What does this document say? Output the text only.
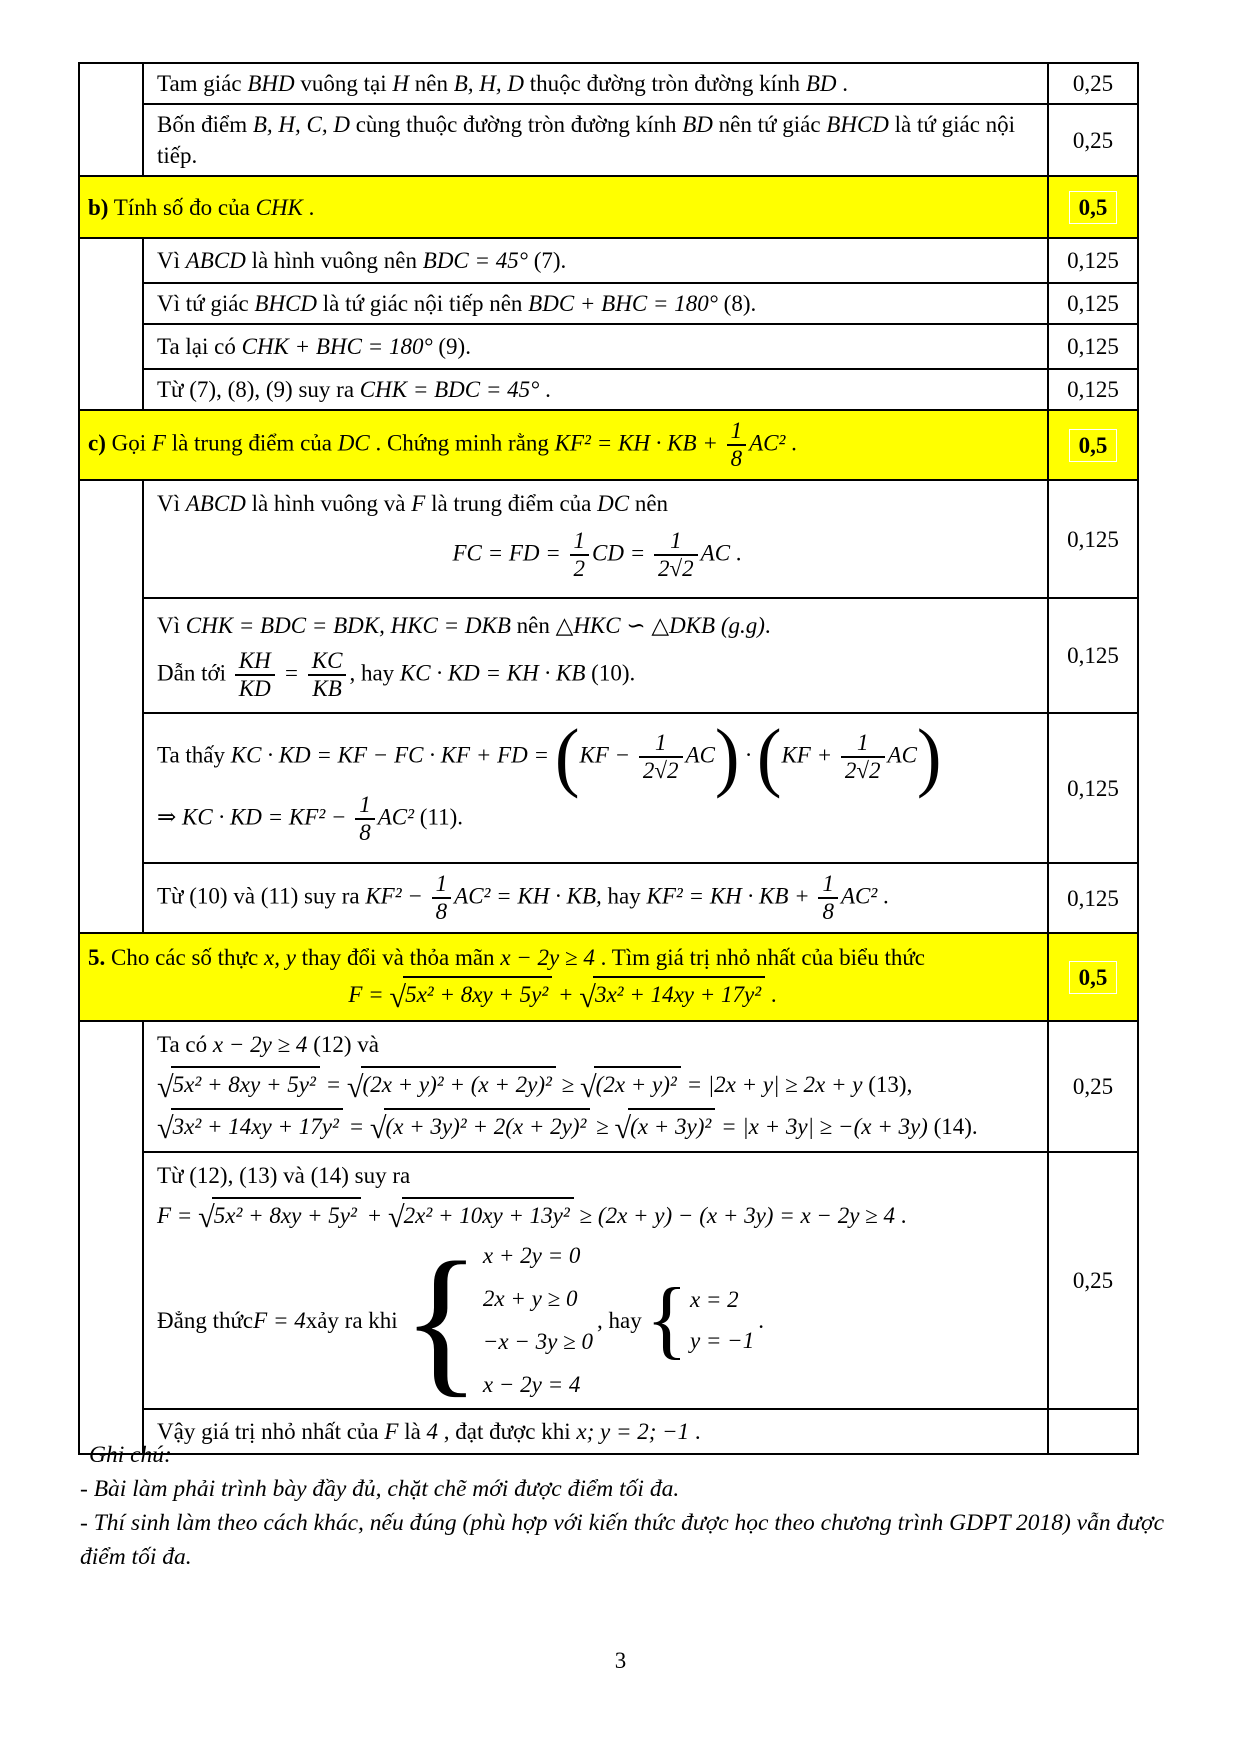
	Tam giác BHD vuông tại H nên B, H, D thuộc đường tròn đường kính BD .	0,25
	Bốn điểm B, H, C, D cùng thuộc đường tròn đường kính BD nên tứ giác BHCD là tứ giác nội tiếp.	0,25
b) Tính số đo của CHK .		0,5
	Vì ABCD là hình vuông nên BDC = 45° (7).	0,125
	Vì tứ giác BHCD là tứ giác nội tiếp nên BDC + BHC = 180° (8).	0,125
	Ta lại có CHK + BHC = 180° (9).	0,125
	Từ (7), (8), (9) suy ra CHK = BDC = 45° .	0,125
c) Gọi F là trung điểm của DC . Chứng minh rằng KF² = KH · KB + $\frac{1}{8} AC^2$ .		0,5

Vì ABCD là hình vuông và F là trung điểm của DC nên
FC = FD = $\frac{1}{2}$ CD = $\frac{1}{2√2}$ AC .
	0,125

Vì CHK = BDC = BDK, HKC = DKB nên △HKC ∽ △DKB (g.g).
Dẫn tới $\frac{KH}{KD} = \frac{KC}{KB}$ , hay KC · KD = KH · KB (10).
	0,125

Ta thấy KC · KD = KF − FC · KF + FD = $(KF - \frac{1}{2√2} AC) \cdot (KF + \frac{1}{2√2} AC)$
⇒ KC · KD = $KF^2 - \frac{1}{8} AC^2$ (11).
	0,125
Từ (10) và (11) suy ra $KF^2 - \frac{1}{8} AC^2$ = KH · KB, hay KF² = KH · KB + $\frac{1}{8} AC^2$ .	0,125

5. Cho các số thực x, y thay đổi và thỏa mãn x − 2y ≥ 4 . Tìm giá trị nhỏ nhất của biểu thức
F = √5x² + 8xy + 5y² + √3x² + 14xy + 17y² .		0,5

	Ta có x − 2y ≥ 4 (12) và
√5x² + 8xy + 5y² = √(2x + y)² + (x + 2y)² ≥ √(2x + y)² = |2x + y| ≥ 2x + y (13),
√3x² + 14xy + 17y² = √(x + 3y)² + 2(x + 2y)² ≥ √(x + 3y)² = |x + 3y| ≥ −(x + 3y) (14).	0,25

Từ (12), (13) và (14) suy ra
F = √5x² + 8xy + 5y² + √2x² + 10xy + 13y² ≥ (2x + y) − (x + 3y) = x − 2y ≥ 4 .
Đẳng thức F = 4 xảy ra khi { x + 2y = 0
2x + y ≥ 0
−x − 3y ≥ 0
x − 2y = 4
, hay { x = 2
y = −1
.
	0,25
	Vậy giá trị nhỏ nhất của F là 4 , đạt được khi x; y = 2; −1 .	
Ghi chú:
- Bài làm phải trình bày đầy đủ, chặt chẽ mới được điểm tối đa.
- Thí sinh làm theo cách khác, nếu đúng (phù hợp với kiến thức được học theo chương trình GDPT 2018) vẫn được điểm tối đa.
3
